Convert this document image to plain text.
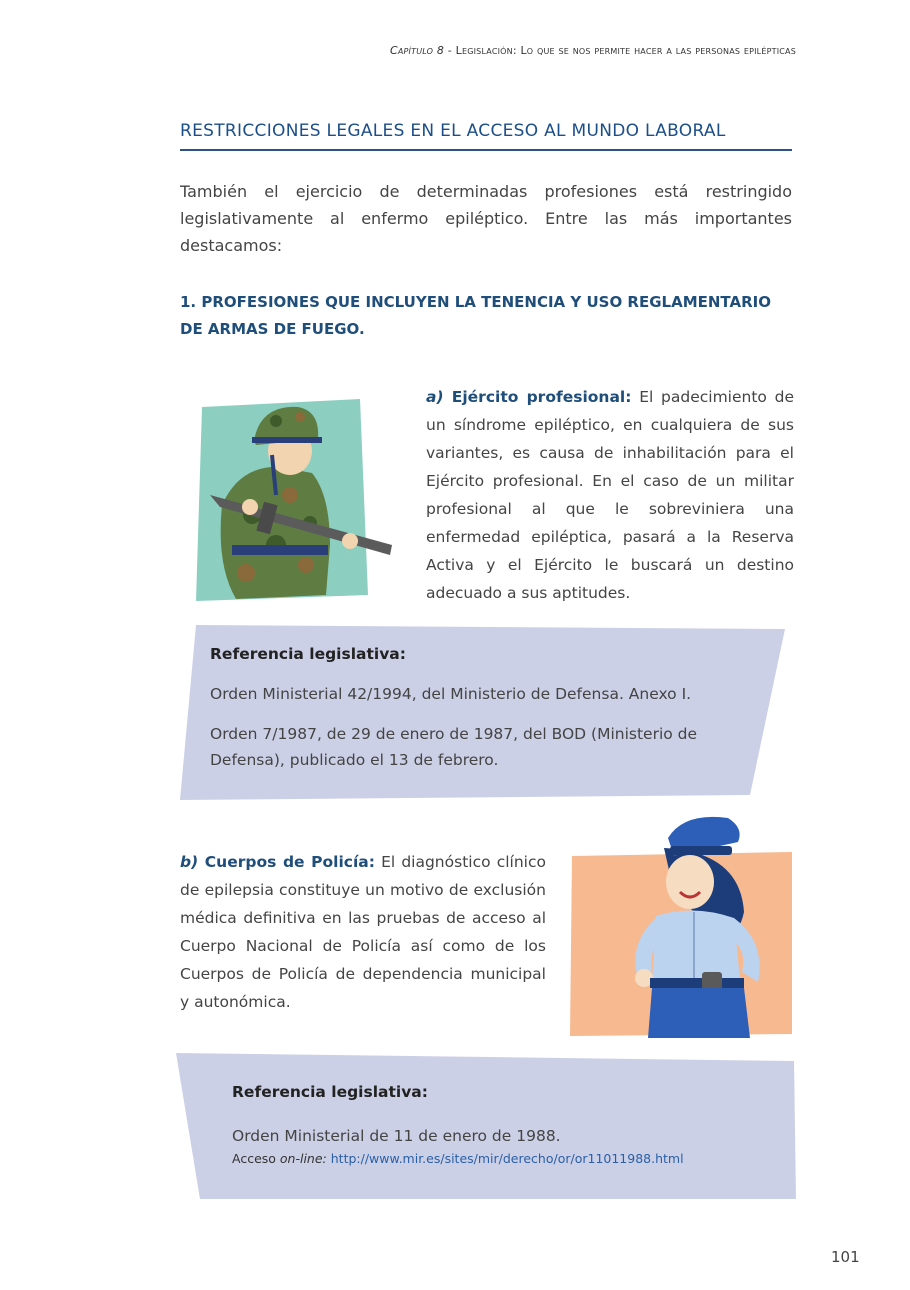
Capítulo 8 - Legislación: Lo que se nos permite hacer a las personas epilépticas
RESTRICCIONES LEGALES EN EL ACCESO AL MUNDO LABORAL
También el ejercicio de determinadas profesiones está restringido legislativamente al enfermo epiléptico. Entre las más importantes destacamos:
1. PROFESIONES QUE INCLUYEN LA TENENCIA Y USO REGLAMENTARIO DE ARMAS DE FUEGO.
a) Ejército profesional: El padecimiento de un síndrome epiléptico, en cualquiera de sus variantes, es causa de inhabilitación para el Ejército profesional. En el caso de un militar profesional al que le sobreviniera una enfermedad epiléptica, pasará a la Reserva Activa y el Ejército le buscará un destino adecuado a sus aptitudes.
Referencia legislativa:
Orden Ministerial 42/1994, del Ministerio de Defensa. Anexo I.
Orden 7/1987, de 29 de enero de 1987, del BOD (Ministerio de Defensa), publicado el 13 de febrero.
b) Cuerpos de Policía: El diagnóstico clínico de epilepsia constituye un motivo de exclusión médica definitiva en las pruebas de acceso al Cuerpo Nacional de Policía así como de los Cuerpos de Policía de dependencia municipal y autonómica.
Referencia legislativa:
Orden Ministerial de 11 de enero de 1988.
Acceso on-line: http://www.mir.es/sites/mir/derecho/or/or11011988.html
101
